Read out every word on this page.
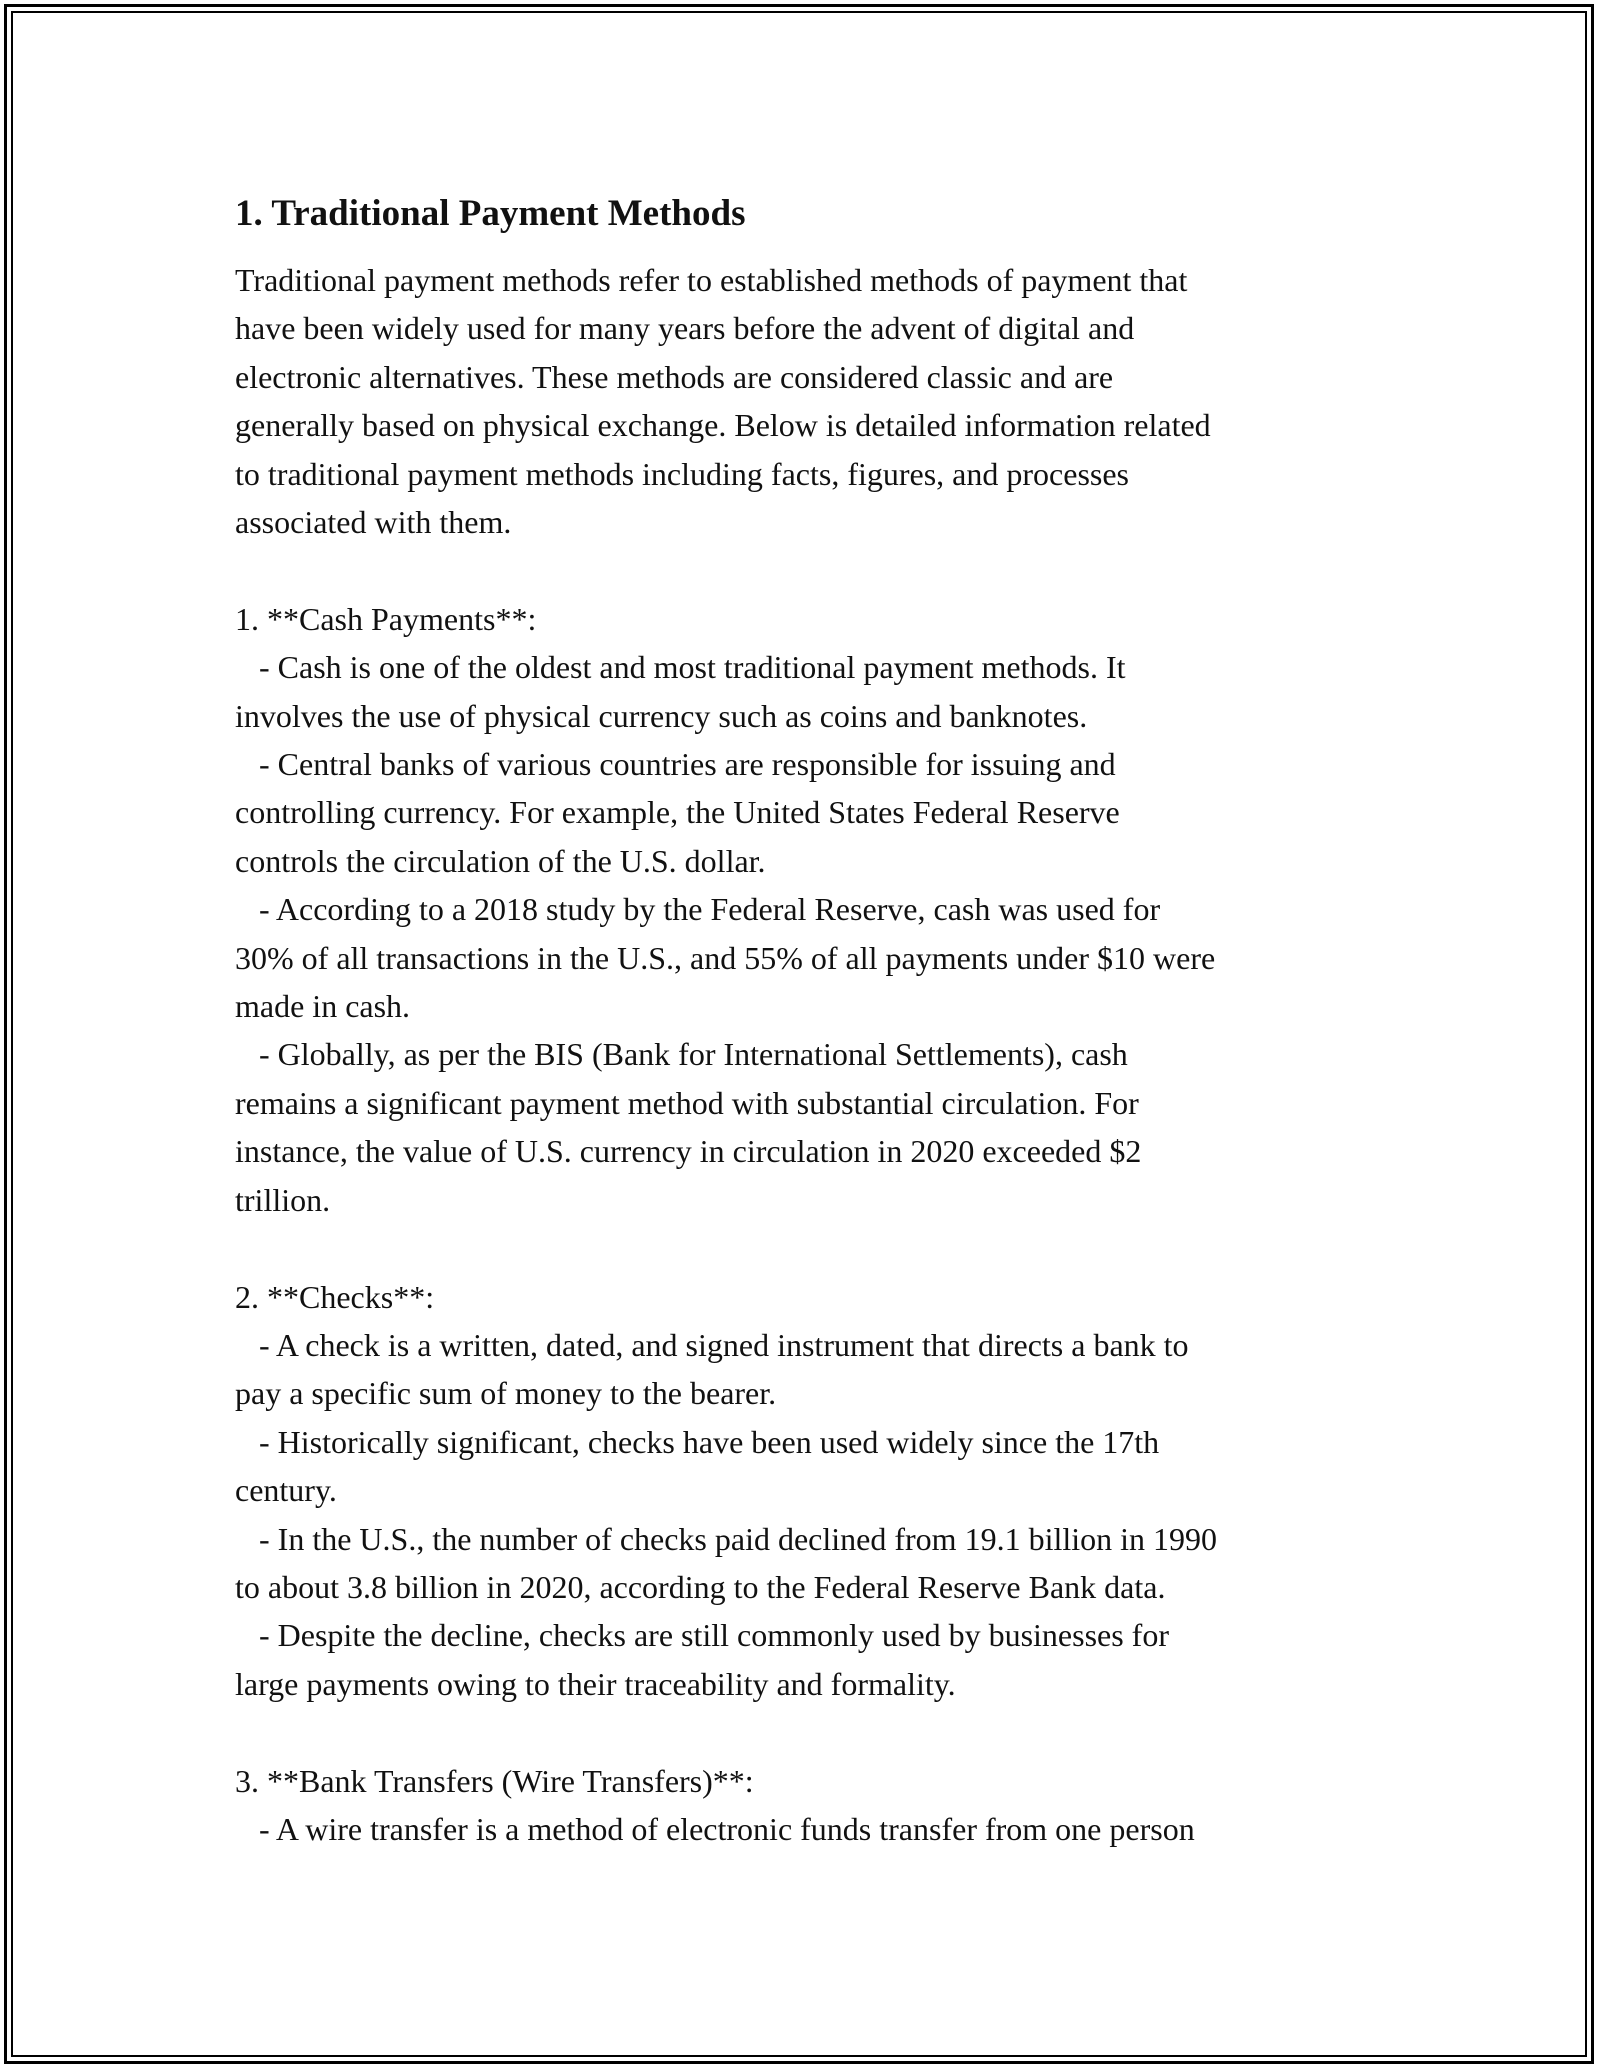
1. Traditional Payment Methods

Traditional payment methods refer to established methods of payment that
have been widely used for many years before the advent of digital and
electronic alternatives. These methods are considered classic and are
generally based on physical exchange. Below is detailed information related
to traditional payment methods including facts, figures, and processes
associated with them.

1. **Cash Payments**:

- Cash is one of the oldest and most traditional payment methods. It
involves the use of physical currency such as coins and banknotes.
- Central banks of various countries are responsible for issuing and
controlling currency. For example, the United States Federal Reserve
controls the circulation of the U.S. dollar.
- According to a 2018 study by the Federal Reserve, cash was used for
30% of all transactions in the U.S., and 55% of all payments under $10 were
made in cash.
- Globally, as per the BIS (Bank for International Settlements), cash
remains a significant payment method with substantial circulation. For
instance, the value of U.S. currency in circulation in 2020 exceeded $2
trillion.

2. **Checks**:

- A check is a written, dated, and signed instrument that directs a bank to
pay a specific sum of money to the bearer.
- Historically significant, checks have been used widely since the 17th
century.
- In the U.S., the number of checks paid declined from 19.1 billion in 1990
to about 3.8 billion in 2020, according to the Federal Reserve Bank data.
- Despite the decline, checks are still commonly used by businesses for
large payments owing to their traceability and formality.

3. **Bank Transfers (Wire Transfers)**:

- A wire transfer is a method of electronic funds transfer from one person
